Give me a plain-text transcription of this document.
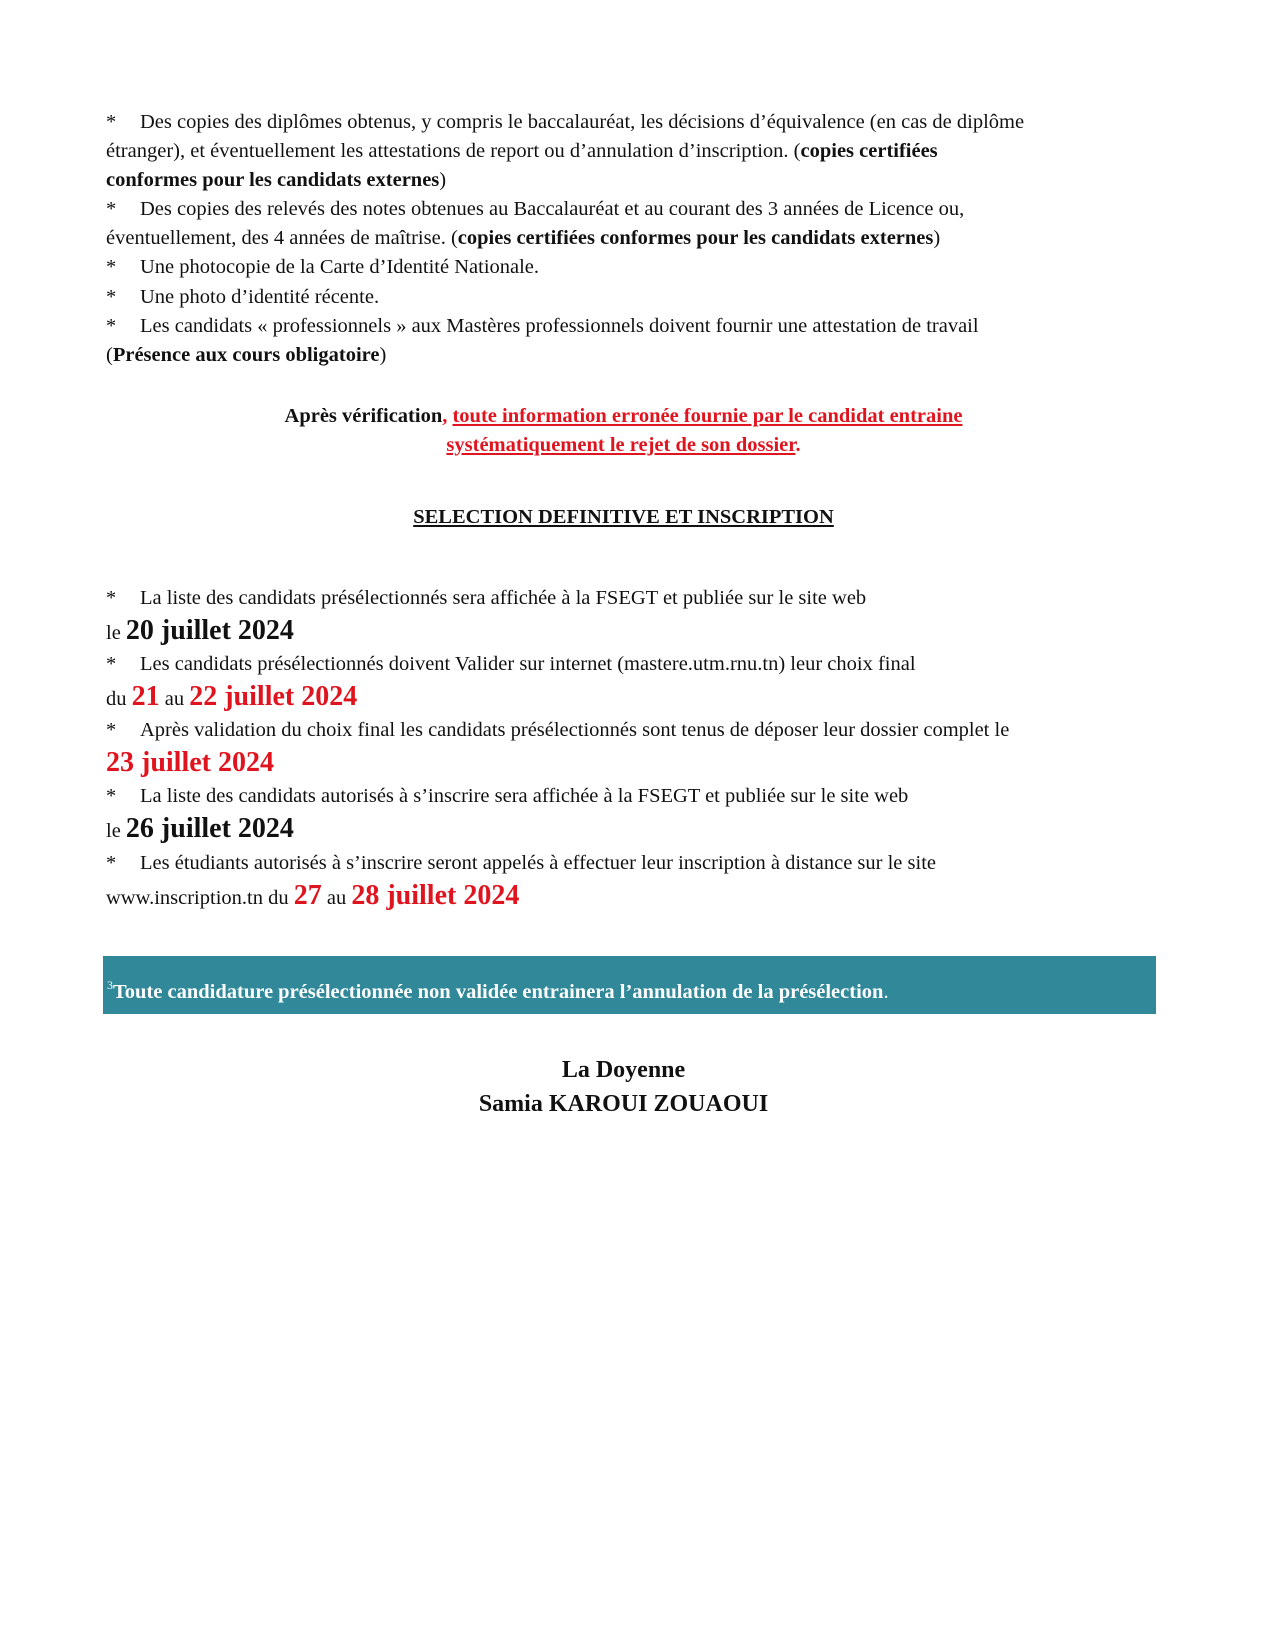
* Des copies des diplômes obtenus, y compris le baccalauréat, les décisions d’équivalence (en cas de diplôme
étranger), et éventuellement les attestations de report ou d’annulation d’inscription. (copies certifiées
conformes pour les candidats externes)
* Des copies des relevés des notes obtenues au Baccalauréat et au courant des 3 années de Licence ou,
éventuellement, des 4 années de maîtrise. (copies certifiées conformes pour les candidats externes)
* Une photocopie de la Carte d’Identité Nationale.
* Une photo d’identité récente.
* Les candidats « professionnels » aux Mastères professionnels doivent fournir une attestation de travail
(Présence aux cours obligatoire)
Après vérification, toute information erronée fournie par le candidat entraine
systématiquement le rejet de son dossier.
SELECTION DEFINITIVE ET INSCRIPTION
* La liste des candidats présélectionnés sera affichée à la FSEGT et publiée sur le site web
le 20 juillet 2024
* Les candidats présélectionnés doivent Valider sur internet (mastere.utm.rnu.tn) leur choix final
du 21 au 22 juillet 2024
* Après validation du choix final les candidats présélectionnés sont tenus de déposer leur dossier complet le
23 juillet 2024
* La liste des candidats autorisés à s’inscrire sera affichée à la FSEGT et publiée sur le site web
le 26 juillet 2024
* Les étudiants autorisés à s’inscrire seront appelés à effectuer leur inscription à distance sur le site
www.inscription.tn du 27 au 28 juillet 2024
$^3$Toute candidature présélectionnée non validée entrainera l’annulation de la présélection.
La Doyenne
Samia KAROUI ZOUAOUI
